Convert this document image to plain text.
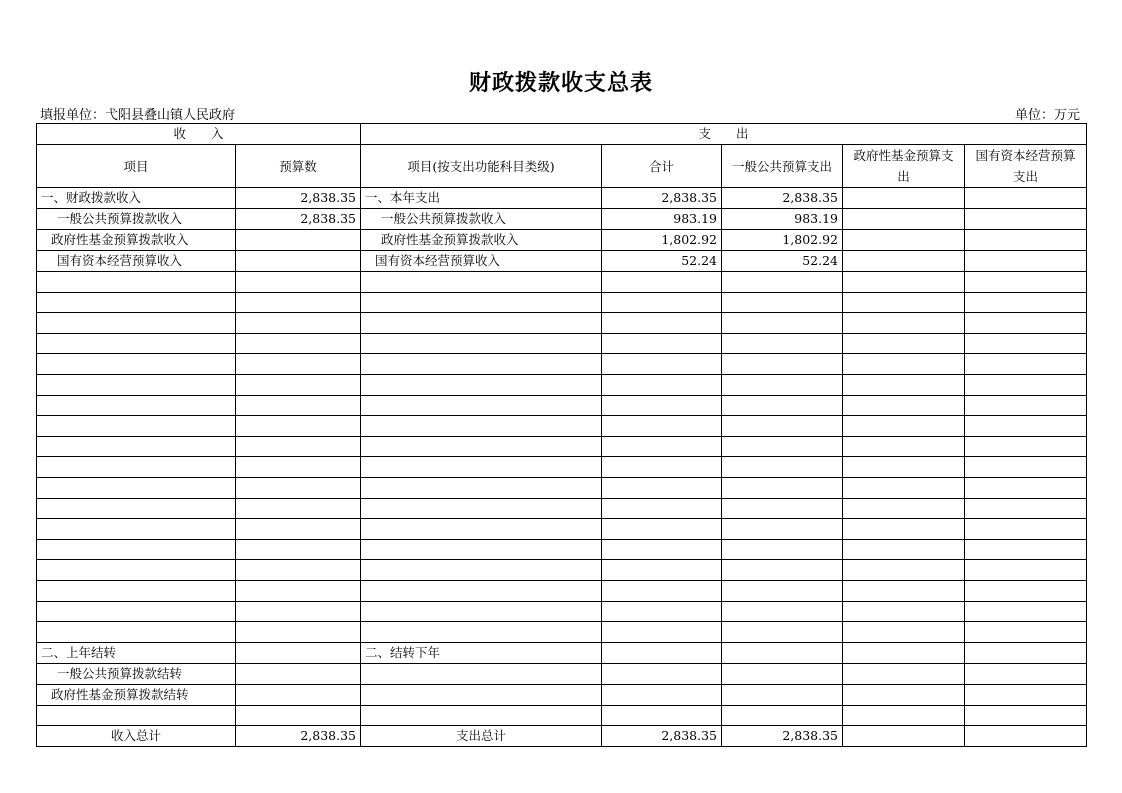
财政拨款收支总表
填报单位：弋阳县叠山镇人民政府	单位：万元
收　　入		支　　出				
项目	预算数	项目(按支出功能科目类级)	合计	一般公共预算支出	政府性基金预算支出	国有资本经营预算支出
一、财政拨款收入	2,838.35	一、本年支出	2,838.35	2,838.35		
一般公共预算拨款收入	2,838.35	一般公共预算拨款收入	983.19	983.19		
政府性基金预算拨款收入		政府性基金预算拨款收入	1,802.92	1,802.92		
国有资本经营预算收入		国有资本经营预算收入	52.24	52.24		

二、上年结转		二、结转下年				
一般公共预算拨款结转						
政府性基金预算拨款结转						

收入总计	2,838.35	支出总计	2,838.35	2,838.35		
